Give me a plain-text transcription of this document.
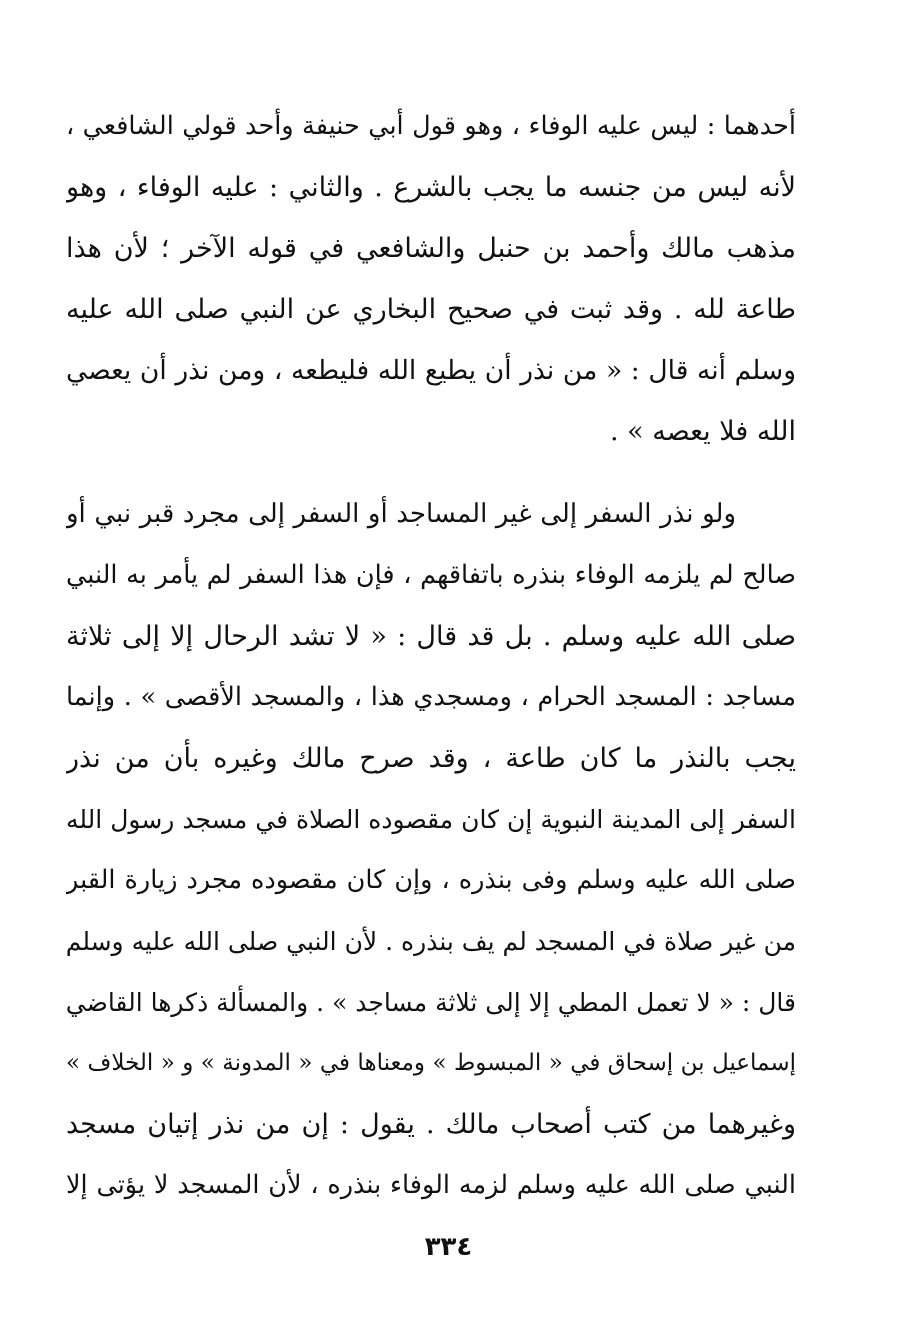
أحدهما : ليس عليه الوفاء ، وهو قول أبي حنيفة وأحد قولي الشافعي ،
لأنه ليس من جنسه ما يجب بالشرع . والثاني : عليه الوفاء ، وهو
مذهب مالك وأحمد بن حنبل والشافعي في قوله الآخر ؛ لأن هذا
طاعة لله . وقد ثبت في صحيح البخاري عن النبي صلى الله عليه
وسلم أنه قال : « من نذر أن يطيع الله فليطعه ، ومن نذر أن يعصي
الله فلا يعصه » .
ولو نذر السفر إلى غير المساجد أو السفر إلى مجرد قبر نبي أو
صالح لم يلزمه الوفاء بنذره باتفاقهم ، فإن هذا السفر لم يأمر به النبي
صلى الله عليه وسلم . بل قد قال : « لا تشد الرحال إلا إلى ثلاثة
مساجد : المسجد الحرام ، ومسجدي هذا ، والمسجد الأقصى » . وإنما
يجب بالنذر ما كان طاعة ، وقد صرح مالك وغيره بأن من نذر
السفر إلى المدينة النبوية إن كان مقصوده الصلاة في مسجد رسول الله
صلى الله عليه وسلم وفى بنذره ، وإن كان مقصوده مجرد زيارة القبر
من غير صلاة في المسجد لم يف بنذره . لأن النبي صلى الله عليه وسلم
قال : « لا تعمل المطي إلا إلى ثلاثة مساجد » . والمسألة ذكرها القاضي
إسماعيل بن إسحاق في « المبسوط » ومعناها في « المدونة » و « الخلاف »
وغيرهما من كتب أصحاب مالك . يقول : إن من نذر إتيان مسجد
النبي صلى الله عليه وسلم لزمه الوفاء بنذره ، لأن المسجد لا يؤتى إلا
٣٣٤
